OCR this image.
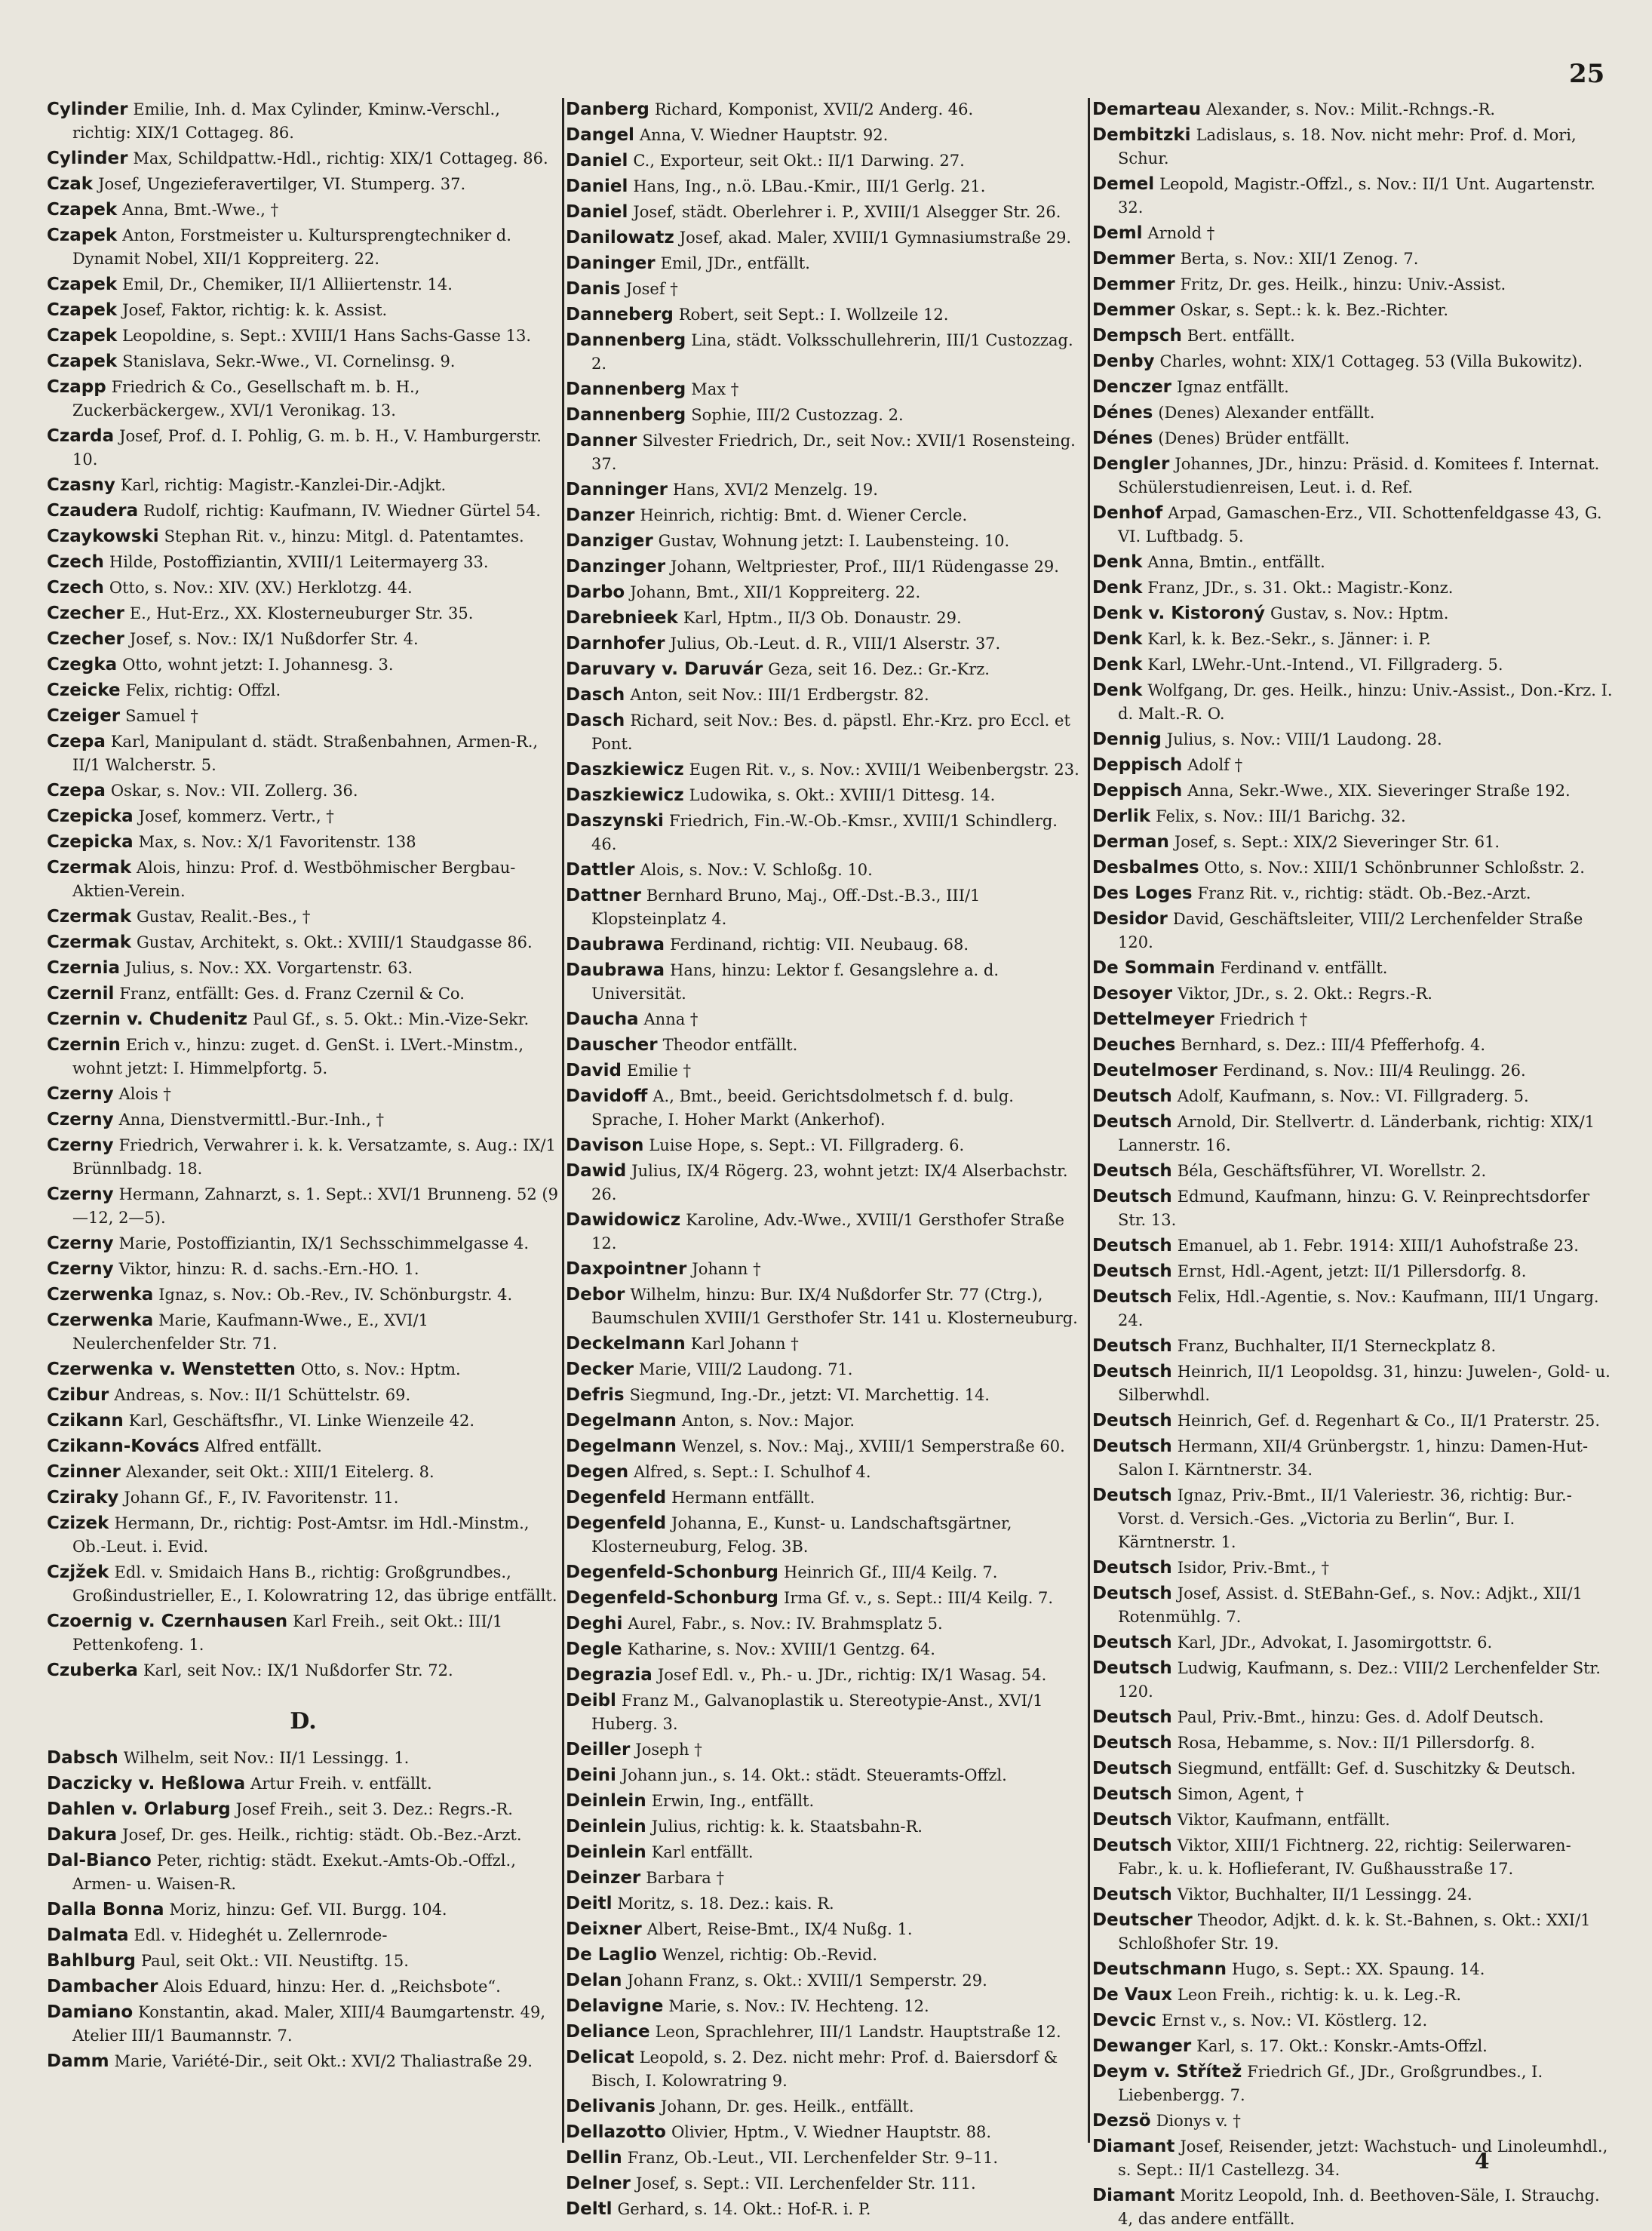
25
Cylinder Emilie, Inh. d. Max Cylinder, Kminw.-Verschl., richtig: XIX/1 Cottageg. 86.
Cylinder Max, Schildpattw.-Hdl., richtig: XIX/1 Cottageg. 86.
Czak Josef, Ungezieferavertilger, VI. Stumperg. 37.
Czapek Anna, Bmt.-Wwe., †
Czapek Anton, Forstmeister u. Kultursprengtechniker d. Dynamit Nobel, XII/1 Koppreiterg. 22.
Czapek Emil, Dr., Chemiker, II/1 Alliiertenstr. 14.
Czapek Josef, Faktor, richtig: k. k. Assist.
Czapek Leopoldine, s. Sept.: XVIII/1 Hans Sachs-Gasse 13.
Czapek Stanislava, Sekr.-Wwe., VI. Cornelinsg. 9.
Czapp Friedrich & Co., Gesellschaft m. b. H., Zuckerbäckergew., XVI/1 Veronikag. 13.
Czarda Josef, Prof. d. I. Pohlig, G. m. b. H., V. Hamburgerstr. 10.
Czasny Karl, richtig: Magistr.-Kanzlei-Dir.-Adjkt.
Czaudera Rudolf, richtig: Kaufmann, IV. Wiedner Gürtel 54.
Czaykowski Stephan Rit. v., hinzu: Mitgl. d. Patentamtes.
Czech Hilde, Postoffiziantin, XVIII/1 Leitermayerg 33.
Czech Otto, s. Nov.: XIV. (XV.) Herklotzg. 44.
Czecher E., Hut-Erz., XX. Klosterneuburger Str. 35.
Czecher Josef, s. Nov.: IX/1 Nußdorfer Str. 4.
Czegka Otto, wohnt jetzt: I. Johannesg. 3.
Czeicke Felix, richtig: Offzl.
Czeiger Samuel †
Czepa Karl, Manipulant d. städt. Straßenbahnen, Armen-R., II/1 Walcherstr. 5.
Czepa Oskar, s. Nov.: VII. Zollerg. 36.
Czepicka Josef, kommerz. Vertr., †
Czepicka Max, s. Nov.: X/1 Favoritenstr. 138
Czermak Alois, hinzu: Prof. d. Westböhmischer Bergbau-Aktien-Verein.
Czermak Gustav, Realit.-Bes., †
Czermak Gustav, Architekt, s. Okt.: XVIII/1 Staudgasse 86.
Czernia Julius, s. Nov.: XX. Vorgartenstr. 63.
Czernil Franz, entfällt: Ges. d. Franz Czernil & Co.
Czernin v. Chudenitz Paul Gf., s. 5. Okt.: Min.-Vize-Sekr.
Czernin Erich v., hinzu: zuget. d. GenSt. i. LVert.-Minstm., wohnt jetzt: I. Himmelpfortg. 5.
Czerny Alois †
Czerny Anna, Dienstvermittl.-Bur.-Inh., †
Czerny Friedrich, Verwahrer i. k. k. Versatzamte, s. Aug.: IX/1 Brünnlbadg. 18.
Czerny Hermann, Zahnarzt, s. 1. Sept.: XVI/1 Brunneng. 52 (9—12, 2—5).
Czerny Marie, Postoffiziantin, IX/1 Sechsschimmelgasse 4.
Czerny Viktor, hinzu: R. d. sachs.-Ern.-HO. 1.
Czerwenka Ignaz, s. Nov.: Ob.-Rev., IV. Schönburgstr. 4.
Czerwenka Marie, Kaufmann-Wwe., E., XVI/1 Neulerchenfelder Str. 71.
Czerwenka v. Wenstetten Otto, s. Nov.: Hptm.
Czibur Andreas, s. Nov.: II/1 Schüttelstr. 69.
Czikann Karl, Geschäftsfhr., VI. Linke Wienzeile 42.
Czikann-Kovács Alfred entfällt.
Czinner Alexander, seit Okt.: XIII/1 Eitelerg. 8.
Cziraky Johann Gf., F., IV. Favoritenstr. 11.
Czizek Hermann, Dr., richtig: Post-Amtsr. im Hdl.-Minstm., Ob.-Leut. i. Evid.
Czjžek Edl. v. Smidaich Hans B., richtig: Großgrundbes., Großindustrieller, E., I. Kolowratring 12, das übrige entfällt.
Czoernig v. Czernhausen Karl Freih., seit Okt.: III/1 Pettenkofeng. 1.
Czuberka Karl, seit Nov.: IX/1 Nußdorfer Str. 72.
D.
Dabsch Wilhelm, seit Nov.: II/1 Lessingg. 1.
Daczicky v. Heßlowa Artur Freih. v. entfällt.
Dahlen v. Orlaburg Josef Freih., seit 3. Dez.: Regrs.-R.
Dakura Josef, Dr. ges. Heilk., richtig: städt. Ob.-Bez.-Arzt.
Dal-Bianco Peter, richtig: städt. Exekut.-Amts-Ob.-Offzl., Armen- u. Waisen-R.
Dalla Bonna Moriz, hinzu: Gef. VII. Burgg. 104.
Dalmata Edl. v. Hideghét u. Zellernrode-
Bahlburg Paul, seit Okt.: VII. Neustiftg. 15.
Dambacher Alois Eduard, hinzu: Her. d. „Reichsbote“.
Damiano Konstantin, akad. Maler, XIII/4 Baumgartenstr. 49, Atelier III/1 Baumannstr. 7.
Damm Marie, Variété-Dir., seit Okt.: XVI/2 Thaliastraße 29.
Danberg Richard, Komponist, XVII/2 Anderg. 46.
Dangel Anna, V. Wiedner Hauptstr. 92.
Daniel C., Exporteur, seit Okt.: II/1 Darwing. 27.
Daniel Hans, Ing., n.ö. LBau.-Kmir., III/1 Gerlg. 21.
Daniel Josef, städt. Oberlehrer i. P., XVIII/1 Alsegger Str. 26.
Danilowatz Josef, akad. Maler, XVIII/1 Gymnasiumstraße 29.
Daninger Emil, JDr., entfällt.
Danis Josef †
Danneberg Robert, seit Sept.: I. Wollzeile 12.
Dannenberg Lina, städt. Volksschullehrerin, III/1 Custozzag. 2.
Dannenberg Max †
Dannenberg Sophie, III/2 Custozzag. 2.
Danner Silvester Friedrich, Dr., seit Nov.: XVII/1 Rosensteing. 37.
Danninger Hans, XVI/2 Menzelg. 19.
Danzer Heinrich, richtig: Bmt. d. Wiener Cercle.
Danziger Gustav, Wohnung jetzt: I. Laubensteing. 10.
Danzinger Johann, Weltpriester, Prof., III/1 Rüdengasse 29.
Darbo Johann, Bmt., XII/1 Koppreiterg. 22.
Darebnieek Karl, Hptm., II/3 Ob. Donaustr. 29.
Darnhofer Julius, Ob.-Leut. d. R., VIII/1 Alserstr. 37.
Daruvary v. Daruvár Geza, seit 16. Dez.: Gr.-Krz.
Dasch Anton, seit Nov.: III/1 Erdbergstr. 82.
Dasch Richard, seit Nov.: Bes. d. päpstl. Ehr.-Krz. pro Eccl. et Pont.
Daszkiewicz Eugen Rit. v., s. Nov.: XVIII/1 Weibenbergstr. 23.
Daszkiewicz Ludowika, s. Okt.: XVIII/1 Dittesg. 14.
Daszynski Friedrich, Fin.-W.-Ob.-Kmsr., XVIII/1 Schindlerg. 46.
Dattler Alois, s. Nov.: V. Schloßg. 10.
Dattner Bernhard Bruno, Maj., Off.-Dst.-B.3., III/1 Klopsteinplatz 4.
Daubrawa Ferdinand, richtig: VII. Neubaug. 68.
Daubrawa Hans, hinzu: Lektor f. Gesangslehre a. d. Universität.
Daucha Anna †
Dauscher Theodor entfällt.
David Emilie †
Davidoff A., Bmt., beeid. Gerichtsdolmetsch f. d. bulg. Sprache, I. Hoher Markt (Ankerhof).
Davison Luise Hope, s. Sept.: VI. Fillgraderg. 6.
Dawid Julius, IX/4 Rögerg. 23, wohnt jetzt: IX/4 Alserbachstr. 26.
Dawidowicz Karoline, Adv.-Wwe., XVIII/1 Gersthofer Straße 12.
Daxpointner Johann †
Debor Wilhelm, hinzu: Bur. IX/4 Nußdorfer Str. 77 (Ctrg.), Baumschulen XVIII/1 Gersthofer Str. 141 u. Klosterneuburg.
Deckelmann Karl Johann †
Decker Marie, VIII/2 Laudong. 71.
Defris Siegmund, Ing.-Dr., jetzt: VI. Marchettig. 14.
Degelmann Anton, s. Nov.: Major.
Degelmann Wenzel, s. Nov.: Maj., XVIII/1 Semperstraße 60.
Degen Alfred, s. Sept.: I. Schulhof 4.
Degenfeld Hermann entfällt.
Degenfeld Johanna, E., Kunst- u. Landschaftsgärtner, Klosterneuburg, Felog. 3B.
Degenfeld-Schonburg Heinrich Gf., III/4 Keilg. 7.
Degenfeld-Schonburg Irma Gf. v., s. Sept.: III/4 Keilg. 7.
Deghi Aurel, Fabr., s. Nov.: IV. Brahmsplatz 5.
Degle Katharine, s. Nov.: XVIII/1 Gentzg. 64.
Degrazia Josef Edl. v., Ph.- u. JDr., richtig: IX/1 Wasag. 54.
Deibl Franz M., Galvanoplastik u. Stereotypie-Anst., XVI/1 Huberg. 3.
Deiller Joseph †
Deini Johann jun., s. 14. Okt.: städt. Steueramts-Offzl.
Deinlein Erwin, Ing., entfällt.
Deinlein Julius, richtig: k. k. Staatsbahn-R.
Deinlein Karl entfällt.
Deinzer Barbara †
Deitl Moritz, s. 18. Dez.: kais. R.
Deixner Albert, Reise-Bmt., IX/4 Nußg. 1.
De Laglio Wenzel, richtig: Ob.-Revid.
Delan Johann Franz, s. Okt.: XVIII/1 Semperstr. 29.
Delavigne Marie, s. Nov.: IV. Hechteng. 12.
Deliance Leon, Sprachlehrer, III/1 Landstr. Hauptstraße 12.
Delicat Leopold, s. 2. Dez. nicht mehr: Prof. d. Baiersdorf & Bisch, I. Kolowratring 9.
Delivanis Johann, Dr. ges. Heilk., entfällt.
Dellazotto Olivier, Hptm., V. Wiedner Hauptstr. 88.
Dellin Franz, Ob.-Leut., VII. Lerchenfelder Str. 9–11.
Delner Josef, s. Sept.: VII. Lerchenfelder Str. 111.
Deltl Gerhard, s. 14. Okt.: Hof-R. i. P.
Demarteau Alexander, s. Nov.: Milit.-Rchngs.-R.
Dembitzki Ladislaus, s. 18. Nov. nicht mehr: Prof. d. Mori, Schur.
Demel Leopold, Magistr.-Offzl., s. Nov.: II/1 Unt. Augartenstr. 32.
Deml Arnold †
Demmer Berta, s. Nov.: XII/1 Zenog. 7.
Demmer Fritz, Dr. ges. Heilk., hinzu: Univ.-Assist.
Demmer Oskar, s. Sept.: k. k. Bez.-Richter.
Dempsch Bert. entfällt.
Denby Charles, wohnt: XIX/1 Cottageg. 53 (Villa Bukowitz).
Denczer Ignaz entfällt.
Dénes (Denes) Alexander entfällt.
Dénes (Denes) Brüder entfällt.
Dengler Johannes, JDr., hinzu: Präsid. d. Komitees f. Internat. Schülerstudienreisen, Leut. i. d. Ref.
Denhof Arpad, Gamaschen-Erz., VII. Schottenfeldgasse 43, G. VI. Luftbadg. 5.
Denk Anna, Bmtin., entfällt.
Denk Franz, JDr., s. 31. Okt.: Magistr.-Konz.
Denk v. Kistoroný Gustav, s. Nov.: Hptm.
Denk Karl, k. k. Bez.-Sekr., s. Jänner: i. P.
Denk Karl, LWehr.-Unt.-Intend., VI. Fillgraderg. 5.
Denk Wolfgang, Dr. ges. Heilk., hinzu: Univ.-Assist., Don.-Krz. I. d. Malt.-R. O.
Dennig Julius, s. Nov.: VIII/1 Laudong. 28.
Deppisch Adolf †
Deppisch Anna, Sekr.-Wwe., XIX. Sieveringer Straße 192.
Derlik Felix, s. Nov.: III/1 Barichg. 32.
Derman Josef, s. Sept.: XIX/2 Sieveringer Str. 61.
Desbalmes Otto, s. Nov.: XIII/1 Schönbrunner Schloßstr. 2.
Des Loges Franz Rit. v., richtig: städt. Ob.-Bez.-Arzt.
Desidor David, Geschäftsleiter, VIII/2 Lerchenfelder Straße 120.
De Sommain Ferdinand v. entfällt.
Desoyer Viktor, JDr., s. 2. Okt.: Regrs.-R.
Dettelmeyer Friedrich †
Deuches Bernhard, s. Dez.: III/4 Pfefferhofg. 4.
Deutelmoser Ferdinand, s. Nov.: III/4 Reulingg. 26.
Deutsch Adolf, Kaufmann, s. Nov.: VI. Fillgraderg. 5.
Deutsch Arnold, Dir. Stellvertr. d. Länderbank, richtig: XIX/1 Lannerstr. 16.
Deutsch Béla, Geschäftsführer, VI. Worellstr. 2.
Deutsch Edmund, Kaufmann, hinzu: G. V. Reinprechtsdorfer Str. 13.
Deutsch Emanuel, ab 1. Febr. 1914: XIII/1 Auhofstraße 23.
Deutsch Ernst, Hdl.-Agent, jetzt: II/1 Pillersdorfg. 8.
Deutsch Felix, Hdl.-Agentie, s. Nov.: Kaufmann, III/1 Ungarg. 24.
Deutsch Franz, Buchhalter, II/1 Sterneckplatz 8.
Deutsch Heinrich, II/1 Leopoldsg. 31, hinzu: Juwelen-, Gold- u. Silberwhdl.
Deutsch Heinrich, Gef. d. Regenhart & Co., II/1 Praterstr. 25.
Deutsch Hermann, XII/4 Grünbergstr. 1, hinzu: Damen-Hut-Salon I. Kärntnerstr. 34.
Deutsch Ignaz, Priv.-Bmt., II/1 Valeriestr. 36, richtig: Bur.-Vorst. d. Versich.-Ges. „Victoria zu Berlin“, Bur. I. Kärntnerstr. 1.
Deutsch Isidor, Priv.-Bmt., †
Deutsch Josef, Assist. d. StEBahn-Gef., s. Nov.: Adjkt., XII/1 Rotenmühlg. 7.
Deutsch Karl, JDr., Advokat, I. Jasomirgottstr. 6.
Deutsch Ludwig, Kaufmann, s. Dez.: VIII/2 Lerchenfelder Str. 120.
Deutsch Paul, Priv.-Bmt., hinzu: Ges. d. Adolf Deutsch.
Deutsch Rosa, Hebamme, s. Nov.: II/1 Pillersdorfg. 8.
Deutsch Siegmund, entfällt: Gef. d. Suschitzky & Deutsch.
Deutsch Simon, Agent, †
Deutsch Viktor, Kaufmann, entfällt.
Deutsch Viktor, XIII/1 Fichtnerg. 22, richtig: Seilerwaren-Fabr., k. u. k. Hoflieferant, IV. Gußhausstraße 17.
Deutsch Viktor, Buchhalter, II/1 Lessingg. 24.
Deutscher Theodor, Adjkt. d. k. k. St.-Bahnen, s. Okt.: XXI/1 Schloßhofer Str. 19.
Deutschmann Hugo, s. Sept.: XX. Spaung. 14.
De Vaux Leon Freih., richtig: k. u. k. Leg.-R.
Devcic Ernst v., s. Nov.: VI. Köstlerg. 12.
Dewanger Karl, s. 17. Okt.: Konskr.-Amts-Offzl.
Deym v. Střítež Friedrich Gf., JDr., Großgrundbes., I. Liebenbergg. 7.
Dezsö Dionys v. †
Diamant Josef, Reisender, jetzt: Wachstuch- und Linoleumhdl., s. Sept.: II/1 Castellezg. 34.
Diamant Moritz Leopold, Inh. d. Beethoven-Säle, I. Strauchg. 4, das andere entfällt.
4
